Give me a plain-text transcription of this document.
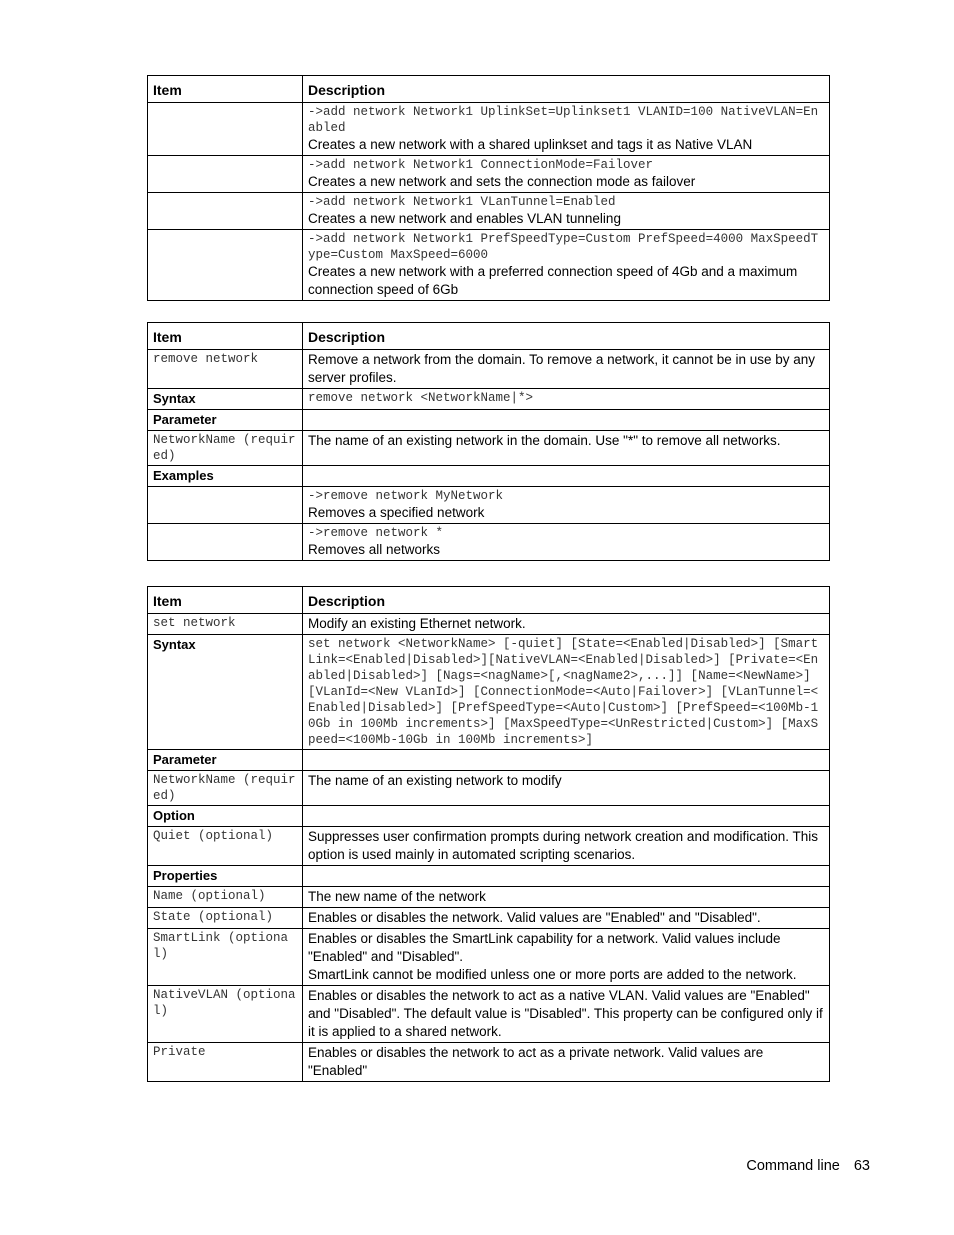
Item	Description

	->add network Network1 UplinkSet=Uplinkset1 VLANID=100 NativeVLAN=Enabled
Creates a new network with a shared uplinkset and tags it as Native VLAN

	->add network Network1 ConnectionMode=Failover
Creates a new network and sets the connection mode as failover

	->add network Network1 VLanTunnel=Enabled
Creates a new network and enables VLAN tunneling

	->add network Network1 PrefSpeedType=Custom PrefSpeed=4000 MaxSpeedType=Custom MaxSpeed=6000
Creates a new network with a preferred connection speed of 4Gb and a maximum connection speed of 6Gb
Item	Description

remove network	Remove a network from the domain. To remove a network, it cannot be in use by any server profiles.
Syntax	remove network <NetworkName|*>

Parameter	

NetworkName (required)	The name of an existing network in the domain. Use "*" to remove all networks.
Examples	

	->remove network MyNetwork
Removes a specified network

	->remove network *
Removes all networks
Item	Description

set network	Modify an existing Ethernet network.
Syntax	set network <NetworkName> [-quiet] [State=<Enabled|Disabled>] [SmartLink=<Enabled|Disabled>][NativeVLAN=<Enabled|Disabled>] [Private=<Enabled|Disabled>] [Nags=<nagName>[,<nagName2>,...]] [Name=<NewName>] [VLanId=<New VLanId>] [ConnectionMode=<Auto|Failover>] [VLanTunnel=<Enabled|Disabled>] [PrefSpeedType=<Auto|Custom>] [PrefSpeed=<100Mb-10Gb in 100Mb increments>] [MaxSpeedType=<UnRestricted|Custom>] [MaxSpeed=<100Mb-10Gb in 100Mb increments>]

Parameter	

NetworkName (required)	The name of an existing network to modify
Option	

Quiet (optional)	Suppresses user confirmation prompts during network creation and modification. This option is used mainly in automated scripting scenarios.
Properties	

Name (optional)	The new name of the network

State (optional)	Enables or disables the network. Valid values are "Enabled" and "Disabled".

SmartLink (optional)	Enables or disables the SmartLink capability for a network. Valid values include "Enabled" and "Disabled".
SmartLink cannot be modified unless one or more ports are added to the network.

NativeVLAN (optional)	Enables or disables the network to act as a native VLAN. Valid values are "Enabled" and "Disabled". The default value is "Disabled". This property can be configured only if it is applied to a shared network.

Private	Enables or disables the network to act as a private network. Valid values are "Enabled"
Command line 63
